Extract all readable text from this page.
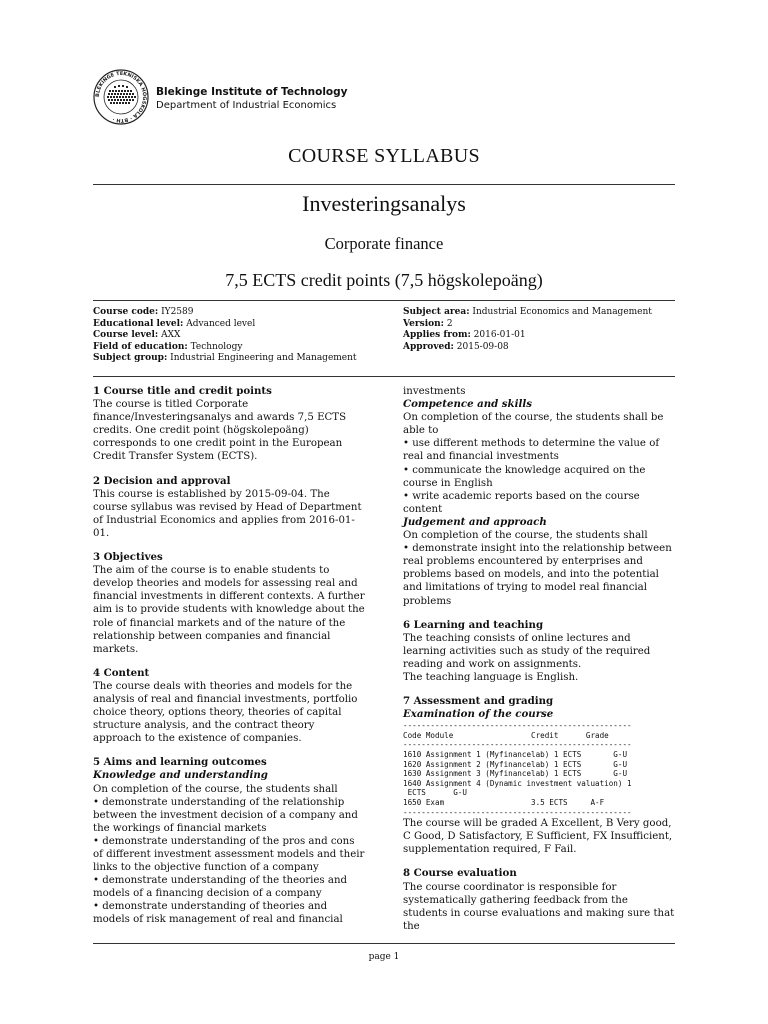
BLEKINGE TEKNISKA HÖGSKOLA · BTH ·
Blekinge Institute of Technology
Department of Industrial Economics
COURSE SYLLABUS
Investeringsanalys
Corporate finance
7,5 ECTS credit points (7,5 högskolepoäng)
Course code: IY2589
Educational level: Advanced level
Course level: AXX
Field of education: Technology
Subject group: Industrial Engineering and Management
Subject area: Industrial Economics and Management
Version: 2
Applies from: 2016-01-01
Approved: 2015-09-08

1 Course title and credit points

The course is titled Corporate finance/Investeringsanalys and awards 7,5 ECTS credits. One credit point (högskolepoäng) corresponds to one credit point in the European Credit Transfer System (ECTS).

2 Decision and approval

This course is established by 2015-09-04. The course syllabus was revised by Head of Department of Industrial Economics and applies from 2016-01-01.

3 Objectives

The aim of the course is to enable students to develop theories and models for assessing real and financial investments in different contexts. A further aim is to provide students with knowledge about the role of financial markets and of the nature of the relationship between companies and financial markets.

4 Content

The course deals with theories and models for the analysis of real and financial investments, portfolio choice theory, options theory, theories of capital structure analysis, and the contract theory approach to the existence of companies.

5 Aims and learning outcomes

Knowledge and understanding

On completion of the course, the students shall

• demonstrate understanding of the relationship between the investment decision of a company and the workings of financial markets

• demonstrate understanding of the pros and cons of different investment assessment models and their links to the objective function of a company

• demonstrate understanding of the theories and models of a financing decision of a company

• demonstrate understanding of theories and models of risk management of real and financial

investments

Competence and skills

On completion of the course, the students shall be able to

• use different methods to determine the value of real and financial investments

• communicate the knowledge acquired on the course in English

• write academic reports based on the course content

Judgement and approach

On completion of the course, the students shall

• demonstrate insight into the relationship between real problems encountered by enterprises and problems based on models, and into the potential and limitations of trying to model real financial problems

6 Learning and teaching

The teaching consists of online lectures and learning activities such as study of the required reading and work on assignments.

The teaching language is English.

7 Assessment and grading

Examination of the course

--------------------------------------------------
Code Module                 Credit      Grade
--------------------------------------------------
1610 Assignment 1 (Myfinancelab) 1 ECTS       G-U
1620 Assignment 2 (Myfinancelab) 1 ECTS       G-U
1630 Assignment 3 (Myfinancelab) 1 ECTS       G-U
1640 Assignment 4 (Dynamic investment valuation) 1
ECTS      G-U
1650 Exam                   3.5 ECTS     A-F
--------------------------------------------------

The course will be graded A Excellent, B Very good, C Good, D Satisfactory, E Sufficient, FX Insufficient, supplementation required, F Fail.

8 Course evaluation

The course coordinator is responsible for systematically gathering feedback from the students in course evaluations and making sure that the

page 1
